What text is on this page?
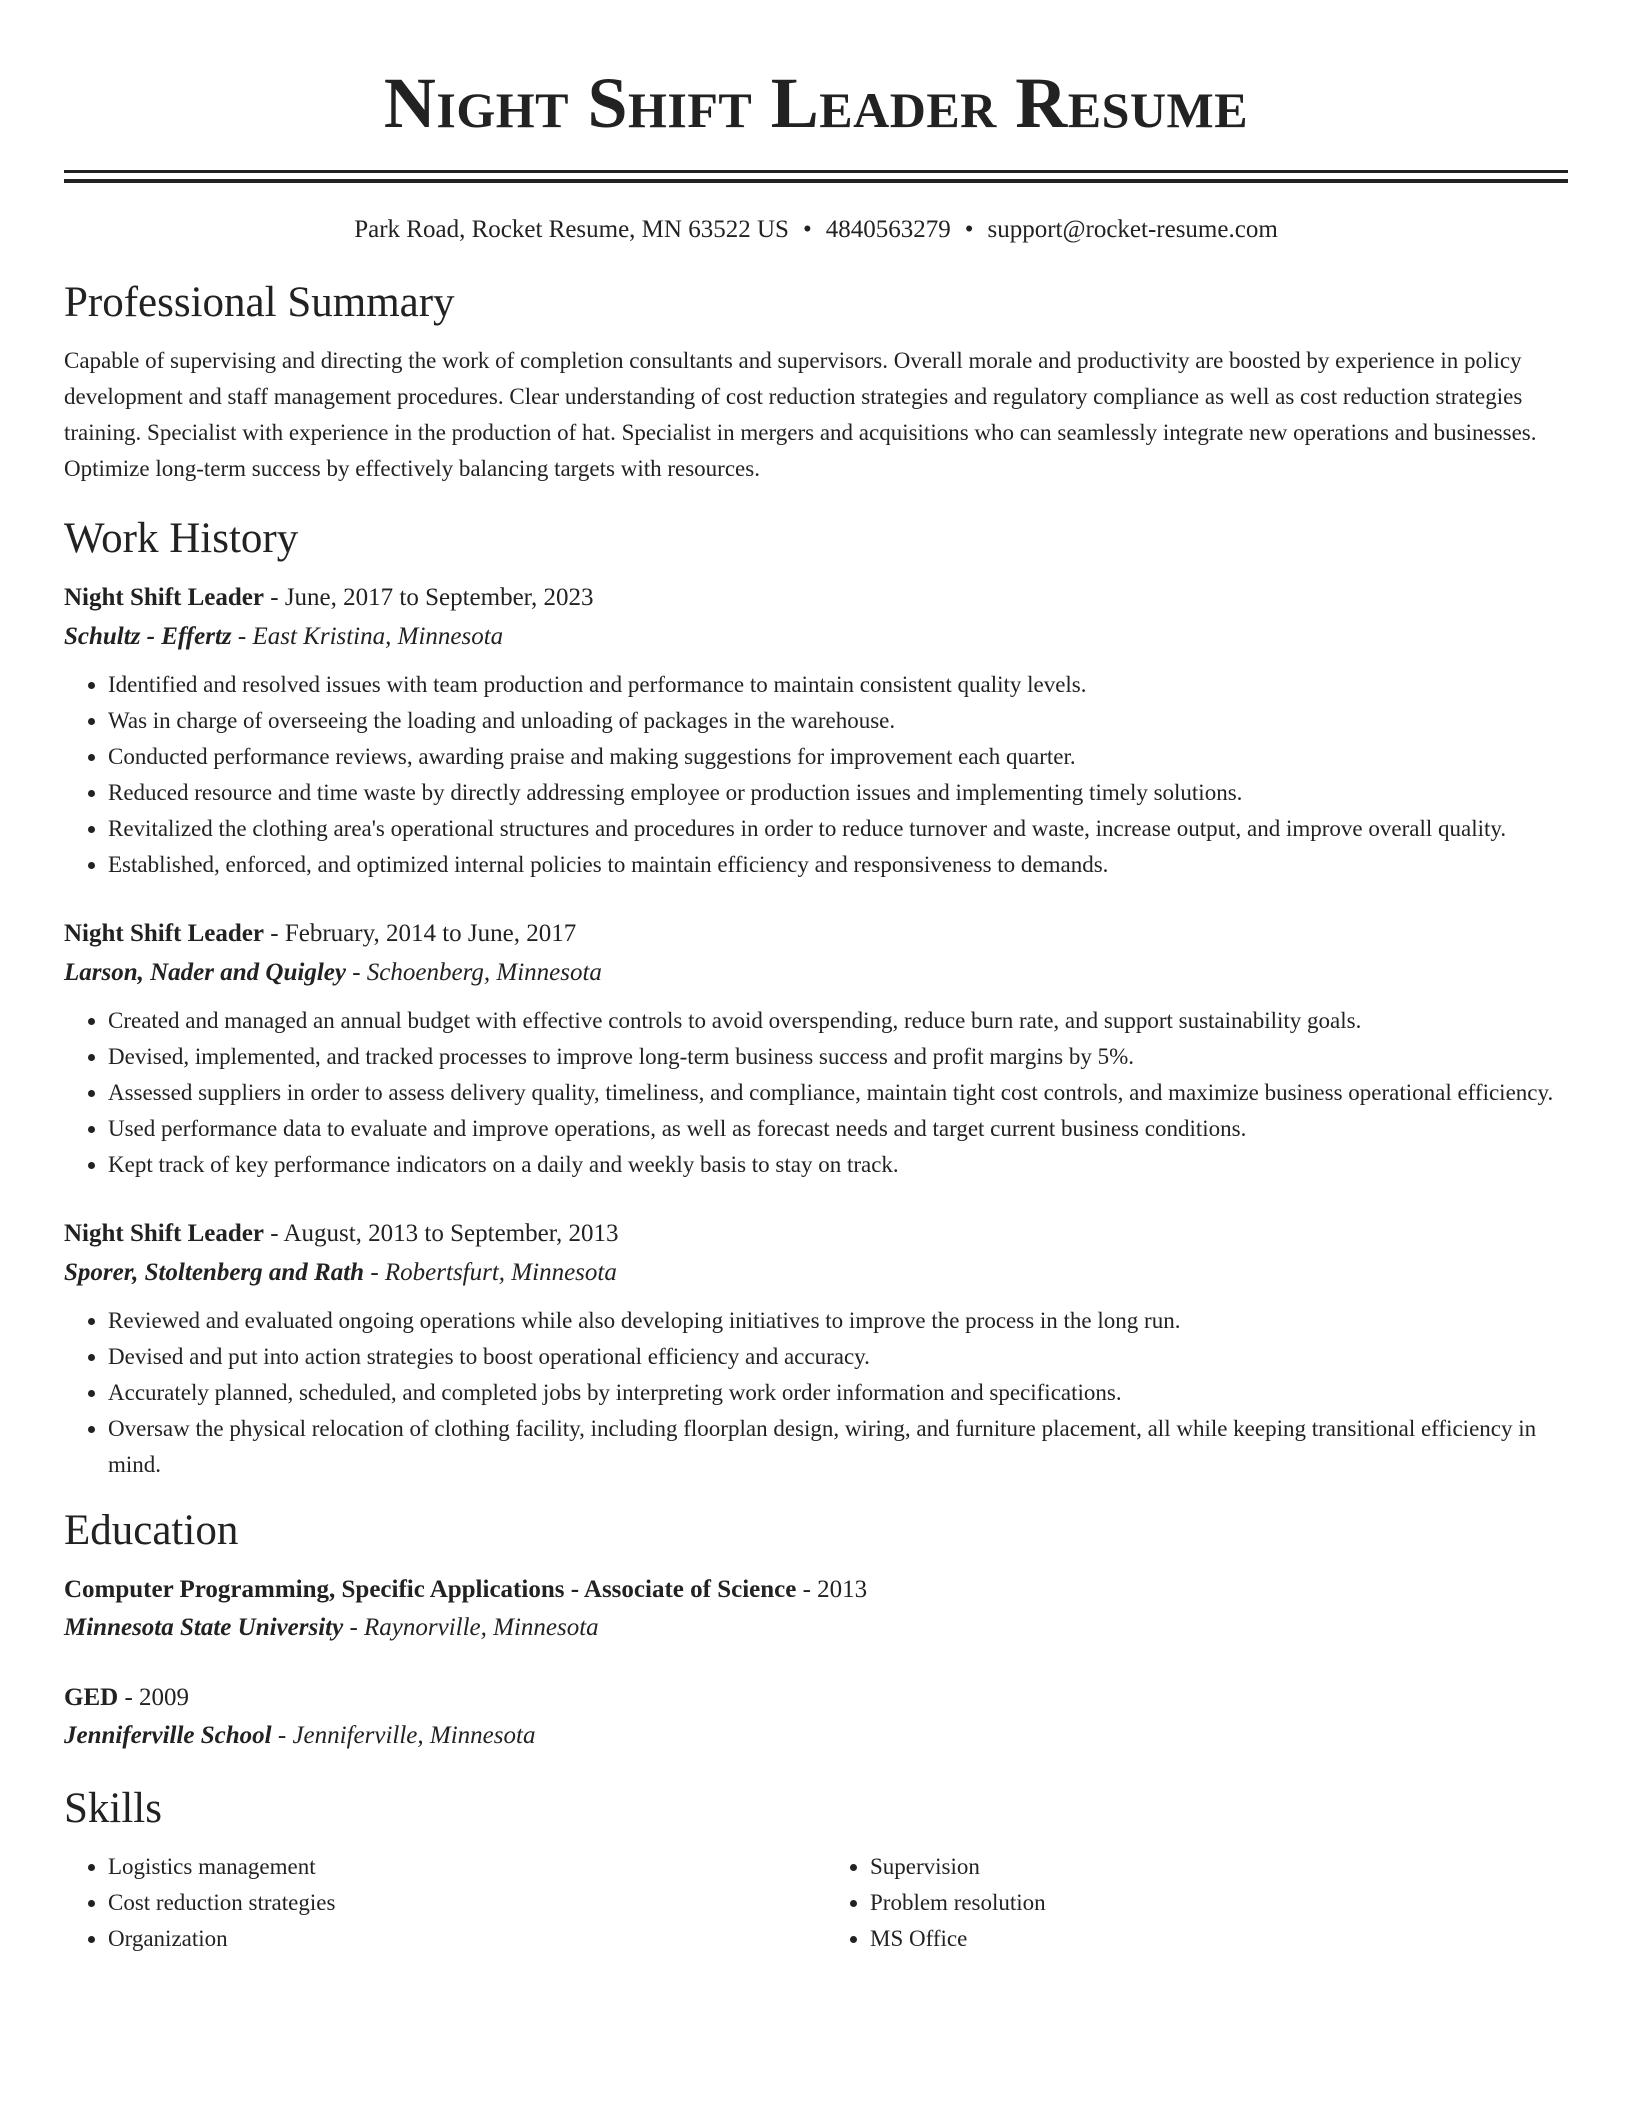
Night Shift Leader Resume
Park Road, Rocket Resume, MN 63522 US • 4840563279 • support@rocket-resume.com
Professional Summary
Capable of supervising and directing the work of completion consultants and supervisors. Overall morale and productivity are boosted by experience in policy development and staff management procedures. Clear understanding of cost reduction strategies and regulatory compliance as well as cost reduction strategies training. Specialist with experience in the production of hat. Specialist in mergers and acquisitions who can seamlessly integrate new operations and businesses. Optimize long-term success by effectively balancing targets with resources.
Work History
Night Shift Leader - June, 2017 to September, 2023
Schultz - Effertz - East Kristina, Minnesota
• Identified and resolved issues with team production and performance to maintain consistent quality levels.
• Was in charge of overseeing the loading and unloading of packages in the warehouse.
• Conducted performance reviews, awarding praise and making suggestions for improvement each quarter.
• Reduced resource and time waste by directly addressing employee or production issues and implementing timely solutions.
• Revitalized the clothing area's operational structures and procedures in order to reduce turnover and waste, increase output, and improve overall quality.
• Established, enforced, and optimized internal policies to maintain efficiency and responsiveness to demands.
Night Shift Leader - February, 2014 to June, 2017
Larson, Nader and Quigley - Schoenberg, Minnesota
• Created and managed an annual budget with effective controls to avoid overspending, reduce burn rate, and support sustainability goals.
• Devised, implemented, and tracked processes to improve long-term business success and profit margins by 5%.
• Assessed suppliers in order to assess delivery quality, timeliness, and compliance, maintain tight cost controls, and maximize business operational efficiency.
• Used performance data to evaluate and improve operations, as well as forecast needs and target current business conditions.
• Kept track of key performance indicators on a daily and weekly basis to stay on track.
Night Shift Leader - August, 2013 to September, 2013
Sporer, Stoltenberg and Rath - Robertsfurt, Minnesota
• Reviewed and evaluated ongoing operations while also developing initiatives to improve the process in the long run.
• Devised and put into action strategies to boost operational efficiency and accuracy.
• Accurately planned, scheduled, and completed jobs by interpreting work order information and specifications.
• Oversaw the physical relocation of clothing facility, including floorplan design, wiring, and furniture placement, all while keeping transitional efficiency in mind.
Education
Computer Programming, Specific Applications - Associate of Science - 2013
Minnesota State University - Raynorville, Minnesota
GED - 2009
Jenniferville School - Jenniferville, Minnesota
Skills
• Logistics management
• Cost reduction strategies
• Organization
• Supervision
• Problem resolution
• MS Office
